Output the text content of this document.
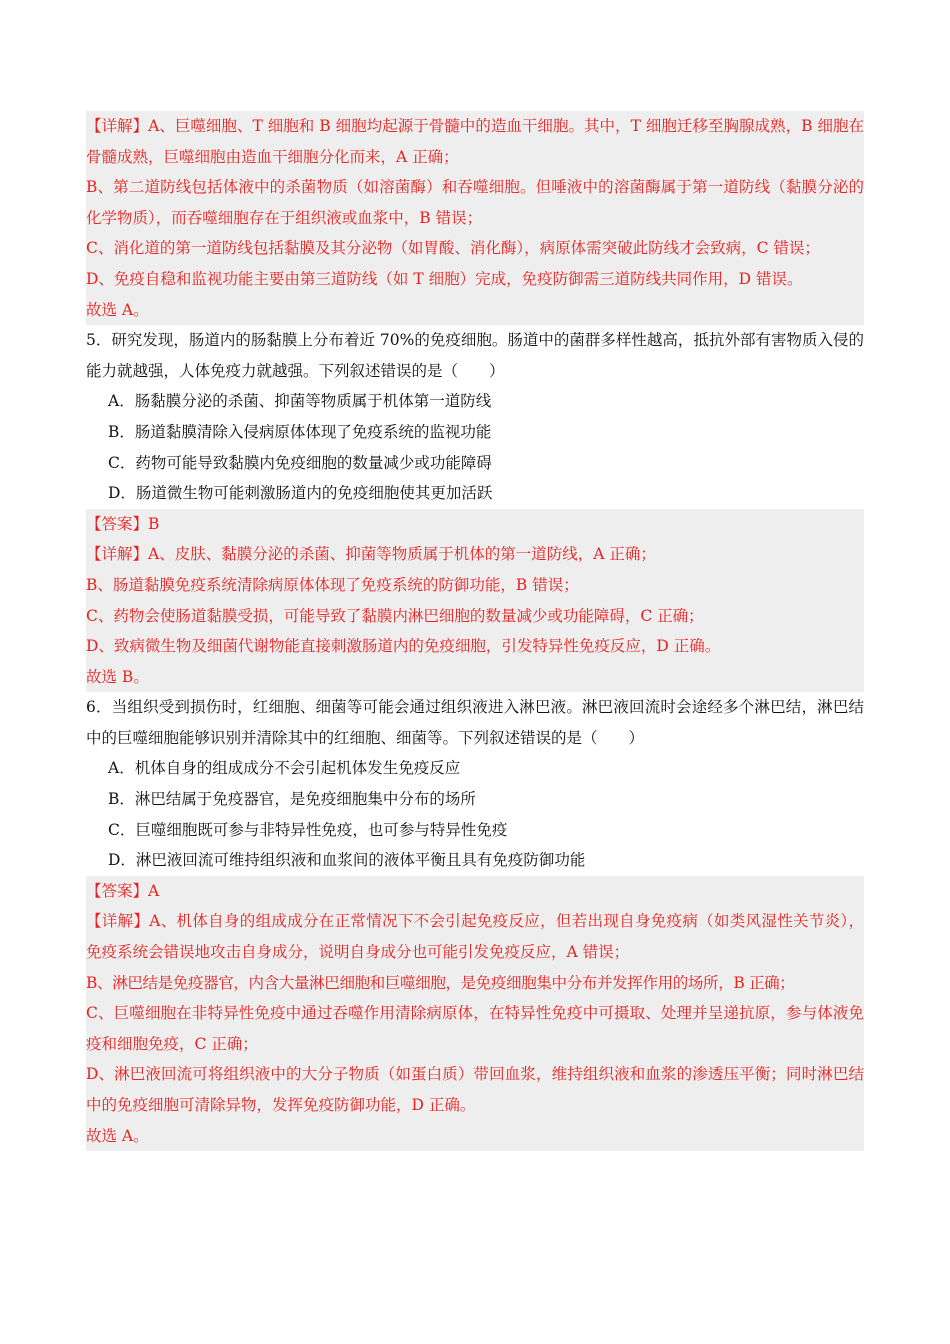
【详解】A、巨噬细胞、T 细胞和 B 细胞均起源于骨髓中的造血干细胞。其中，T 细胞迁移至胸腺成熟，B 细胞在骨髓成熟，巨噬细胞由造血干细胞分化而来，A 正确；
B、第二道防线包括体液中的杀菌物质（如溶菌酶）和吞噬细胞。但唾液中的溶菌酶属于第一道防线（黏膜分泌的化学物质），而吞噬细胞存在于组织液或血浆中，B 错误；
C、消化道的第一道防线包括黏膜及其分泌物（如胃酸、消化酶），病原体需突破此防线才会致病，C 错误；
D、免疫自稳和监视功能主要由第三道防线（如 T 细胞）完成，免疫防御需三道防线共同作用，D 错误。
故选 A。
5．研究发现，肠道内的肠黏膜上分布着近 70%的免疫细胞。肠道中的菌群多样性越高，抵抗外部有害物质入侵的能力就越强，人体免疫力就越强。下列叙述错误的是（　　）
A．肠黏膜分泌的杀菌、抑菌等物质属于机体第一道防线
B．肠道黏膜清除入侵病原体体现了免疫系统的监视功能
C．药物可能导致黏膜内免疫细胞的数量减少或功能障碍
D．肠道微生物可能刺激肠道内的免疫细胞使其更加活跃
【答案】B
【详解】A、皮肤、黏膜分泌的杀菌、抑菌等物质属于机体的第一道防线，A 正确；
B、肠道黏膜免疫系统清除病原体体现了免疫系统的防御功能，B 错误；
C、药物会使肠道黏膜受损，可能导致了黏膜内淋巴细胞的数量减少或功能障碍，C 正确；
D、致病微生物及细菌代谢物能直接刺激肠道内的免疫细胞，引发特异性免疫反应，D 正确。
故选 B。
6．当组织受到损伤时，红细胞、细菌等可能会通过组织液进入淋巴液。淋巴液回流时会途经多个淋巴结，淋巴结中的巨噬细胞能够识别并清除其中的红细胞、细菌等。下列叙述错误的是（　　）
A．机体自身的组成成分不会引起机体发生免疫反应
B．淋巴结属于免疫器官，是免疫细胞集中分布的场所
C．巨噬细胞既可参与非特异性免疫，也可参与特异性免疫
D．淋巴液回流可维持组织液和血浆间的液体平衡且具有免疫防御功能
【答案】A
【详解】A、机体自身的组成成分在正常情况下不会引起免疫反应，但若出现自身免疫病（如类风湿性关节炎），免疫系统会错误地攻击自身成分，说明自身成分也可能引发免疫反应，A 错误；
B、淋巴结是免疫器官，内含大量淋巴细胞和巨噬细胞，是免疫细胞集中分布并发挥作用的场所，B 正确；
C、巨噬细胞在非特异性免疫中通过吞噬作用清除病原体，在特异性免疫中可摄取、处理并呈递抗原，参与体液免疫和细胞免疫，C 正确；
D、淋巴液回流可将组织液中的大分子物质（如蛋白质）带回血浆，维持组织液和血浆的渗透压平衡；同时淋巴结中的免疫细胞可清除异物，发挥免疫防御功能，D 正确。
故选 A。
